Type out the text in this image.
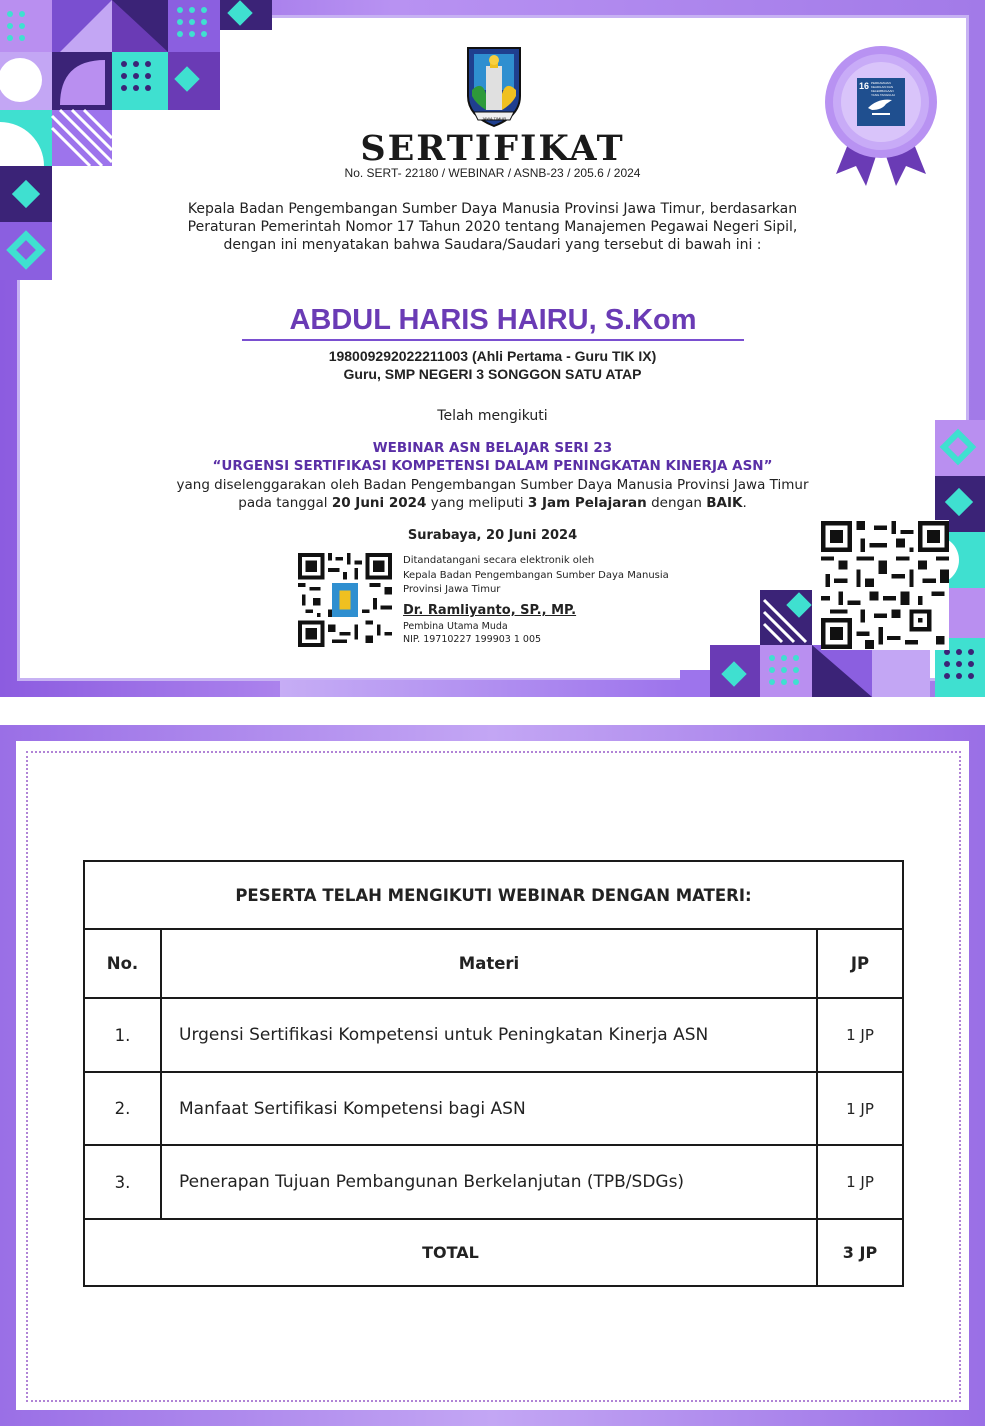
JAWA TIMUR
SERTIFIKAT
No. SERT- 22180 / WEBINAR / ASNB-23 / 205.6 / 2024
Kepala Badan Pengembangan Sumber Daya Manusia Provinsi Jawa Timur, berdasarkan
Peraturan Pemerintah Nomor 17 Tahun 2020 tentang Manajemen Pegawai Negeri Sipil,
dengan ini menyatakan bahwa Saudara/Saudari yang tersebut di bawah ini :
16 PERDAMAIAN KEADILAN DAN KELEMBAGAAN YANG TANGGUH
ABDUL HARIS HAIRU, S.Kom
198009292022211003 (Ahli Pertama - Guru TIK IX)
Guru, SMP NEGERI 3 SONGGON SATU ATAP
Telah mengikuti
WEBINAR ASN BELAJAR SERI 23
“URGENSI SERTIFIKASI KOMPETENSI DALAM PENINGKATAN KINERJA ASN”
yang diselenggarakan oleh Badan Pengembangan Sumber Daya Manusia Provinsi Jawa Timur
pada tanggal 20 Juni 2024 yang meliputi 3 Jam Pelajaran dengan BAIK.
Surabaya, 20 Juni 2024
Ditandatangani secara elektronik oleh
Kepala Badan Pengembangan Sumber Daya Manusia
Provinsi Jawa Timur
Dr. Ramliyanto, SP., MP.
Pembina Utama Muda
NIP. 19710227 199903 1 005
PESERTA TELAH MENGIKUTI WEBINAR DENGAN MATERI:		
No.	Materi	JP
1.	Urgensi Sertifikasi Kompetensi untuk Peningkatan Kinerja ASN	1 JP
2.	Manfaat Sertifikasi Kompetensi bagi ASN	1 JP
3.	Penerapan Tujuan Pembangunan Berkelanjutan (TPB/SDGs)	1 JP
TOTAL		3 JP
